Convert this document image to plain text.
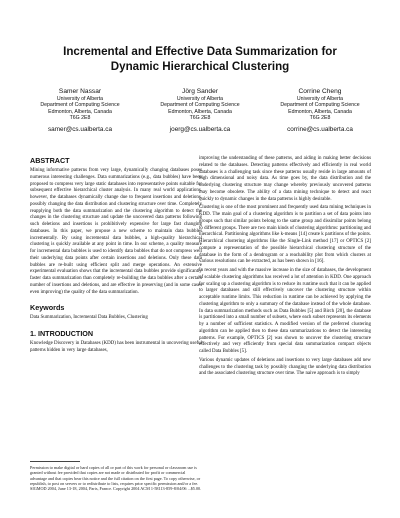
Incremental and Effective Data Summarization for
Dynamic Hierarchical Clustering
Samer Nassar
University of Alberta
Department of Computing Science
Edmonton, Alberta, Canada
T6G 2E8
samer@cs.ualberta.ca
Jörg Sander
University of Alberta
Department of Computing Science
Edmonton, Alberta, Canada
T6G 2E8
joerg@cs.ualberta.ca
Corrine Cheng
University of Alberta
Department of Computing Science
Edmonton, Alberta, Canada
T6G 2E8
corrine@cs.ualberta.ca
ABSTRACT

Mining informative patterns from very large, dynamically changing databases poses numerous interesting challenges. Data summarizations (e.g., data bubbles) have been proposed to compress very large static databases into representative points suitable for subsequent effective hierarchical cluster analysis. In many real world applications, however, the databases dynamically change due to frequent insertions and deletions, possibly changing the data distribution and clustering structure over time. Completely reapplying both the data summarization and the clustering algorithm to detect the changes in the clustering structure and update the uncovered data patterns following such deletions and insertions is prohibitively expensive for large fast changing databases. In this paper, we propose a new scheme to maintain data bubbles incrementally. By using incremental data bubbles, a high-quality hierarchical clustering is quickly available at any point in time. In our scheme, a quality measure for incremental data bubbles is used to identify data bubbles that do not compress well their underlying data points after certain insertions and deletions. Only these data bubbles are re-built using efficient split and merge operations. An extensive experimental evaluation shows that the incremental data bubbles provide significantly faster data summarization than completely re-building the data bubbles after a certain number of insertions and deletions, and are effective in preserving (and in some cases even improving) the quality of the data summarization.

Keywords

Data Summarization, Incremental Data Bubbles, Clustering

1. INTRODUCTION

Knowledge Discovery in Databases (KDD) has been instrumental in uncovering useful patterns hidden in very large databases,

Permission to make digital or hard copies of all or part of this work for personal or classroom use is granted without fee provided that copies are not made or distributed for profit or commercial advantage and that copies bear this notice and the full citation on the first page. To copy otherwise, or republish, to post on servers or to redistribute to lists, requires prior specific permission and/or a fee. SIGMOD 2004, June 13-18, 2004, Paris, France. Copyright 2004 ACM 1-58113-859-8/04/06 ...$5.00.

improving the understanding of these patterns, and aiding in making better decisions related to the databases. Detecting patterns effectively and efficiently in real world databases is a challenging task since these patterns usually reside in large amounts of high dimensional and noisy data. As time goes by, the data distribution and the underlying clustering structure may change whereby previously uncovered patterns may become obsolete. The ability of a data mining technique to detect and react quickly to dynamic changes in the data patterns is highly desirable.

Clustering is one of the most prominent and frequently used data mining techniques in KDD. The main goal of a clustering algorithm is to partition a set of data points into groups such that similar points belong to the same group and dissimilar points belong to different groups. There are two main kinds of clustering algorithms: partitioning and hierarchical. Partitioning algorithms like k-means [14] create k partitions of the points. Hierarchical clustering algorithms like the Single-Link method [17] or OPTICS [2] compute a representation of the possible hierarchical clustering structure of the database in the form of a dendrogram or a reachability plot from which clusters at various resolutions can be extracted, as has been shown in [16].

In recent years and with the massive increase in the size of databases, the development of scalable clustering algorithms has received a lot of attention in KDD. One approach for scaling up a clustering algorithm is to reduce its runtime such that it can be applied to larger databases and still effectively uncover the clustering structure within acceptable runtime limits. This reduction in runtime can be achieved by applying the clustering algorithm to only a summary of the database instead of the whole database. In data summarization methods such as Data Bubbles [5] and Birch [20], the database is partitioned into a small number of subsets, where each subset represents its elements by a number of sufficient statistics. A modified version of the preferred clustering algorithm can be applied then to these data summarizations to detect the interesting patterns. For example, OPTICS [2] was shown to uncover the clustering structure effectively and very efficiently from special data summarization compact objects called Data Bubbles [5].

Various dynamic updates of deletions and insertions to very large databases add new challenges to the clustering task by possibly changing the underlying data distribution and the associated clustering structure over time. The naive approach is to simply
